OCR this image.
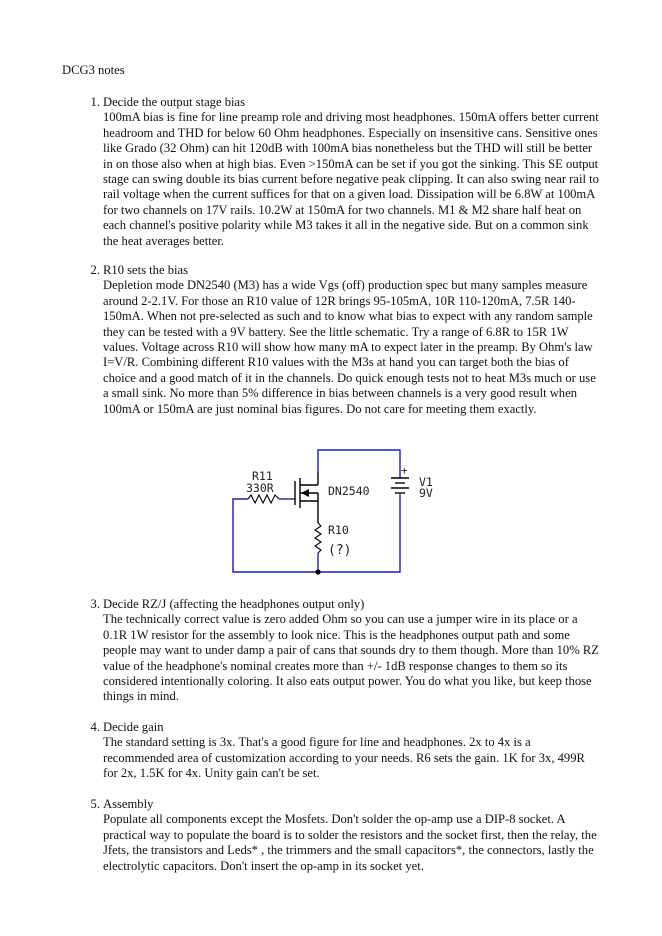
DCG3 notes
1. Decide the output stage bias
100mA bias is fine for line preamp role and driving most headphones. 150mA offers better current headroom and THD for below 60 Ohm headphones. Especially on insensitive cans. Sensitive ones like Grado (32 Ohm) can hit 120dB with 100mA bias nonetheless but the THD will still be better in on those also when at high bias. Even >150mA can be set if you got the sinking. This SE output stage can swing double its bias current before negative peak clipping. It can also swing near rail to rail voltage when the current suffices for that on a given load. Dissipation will be 6.8W at 100mA for two channels on 17V rails. 10.2W at 150mA for two channels. M1 & M2 share half heat on each channel's positive polarity while M3 takes it all in the negative side. But on a common sink the heat averages better.
2. R10 sets the bias
Depletion mode DN2540 (M3) has a wide Vgs (off) production spec but many samples measure around 2-2.1V. For those an R10 value of 12R brings 95-105mA, 10R 110-120mA, 7.5R 140-150mA. When not pre-selected as such and to know what bias to expect with any random sample they can be tested with a 9V battery. See the little schematic. Try a range of 6.8R to 15R 1W values. Voltage across R10 will show how many mA to expect later in the preamp. By Ohm's law I=V/R. Combining different R10 values with the M3s at hand you can target both the bias of choice and a good match of it in the channels. Do quick enough tests not to heat M3s much or use a small sink. No more than 5% difference in bias between channels is a very good result when 100mA or 150mA are just nominal bias figures. Do not care for meeting them exactly.
R11
330R	DN2540
+
V1
9V
R10
(?)
3. Decide RZ/J (affecting the headphones output only)
The technically correct value is zero added Ohm so you can use a jumper wire in its place or a 0.1R 1W resistor for the assembly to look nice. This is the headphones output path and some people may want to under damp a pair of cans that sounds dry to them though. More than 10% RZ value of the headphone's nominal creates more than +/- 1dB response changes to them so its considered intentionally coloring. It also eats output power. You do what you like, but keep those things in mind.
4. Decide gain
The standard setting is 3x. That's a good figure for line and headphones. 2x to 4x is a recommended area of customization according to your needs. R6 sets the gain. 1K for 3x, 499R for 2x, 1.5K for 4x. Unity gain can't be set.
5. Assembly
Populate all components except the Mosfets. Don't solder the op-amp use a DIP-8 socket. A practical way to populate the board is to solder the resistors and the socket first, then the relay, the Jfets, the transistors and Leds* , the trimmers and the small capacitors*, the connectors, lastly the electrolytic capacitors. Don't insert the op-amp in its socket yet.
